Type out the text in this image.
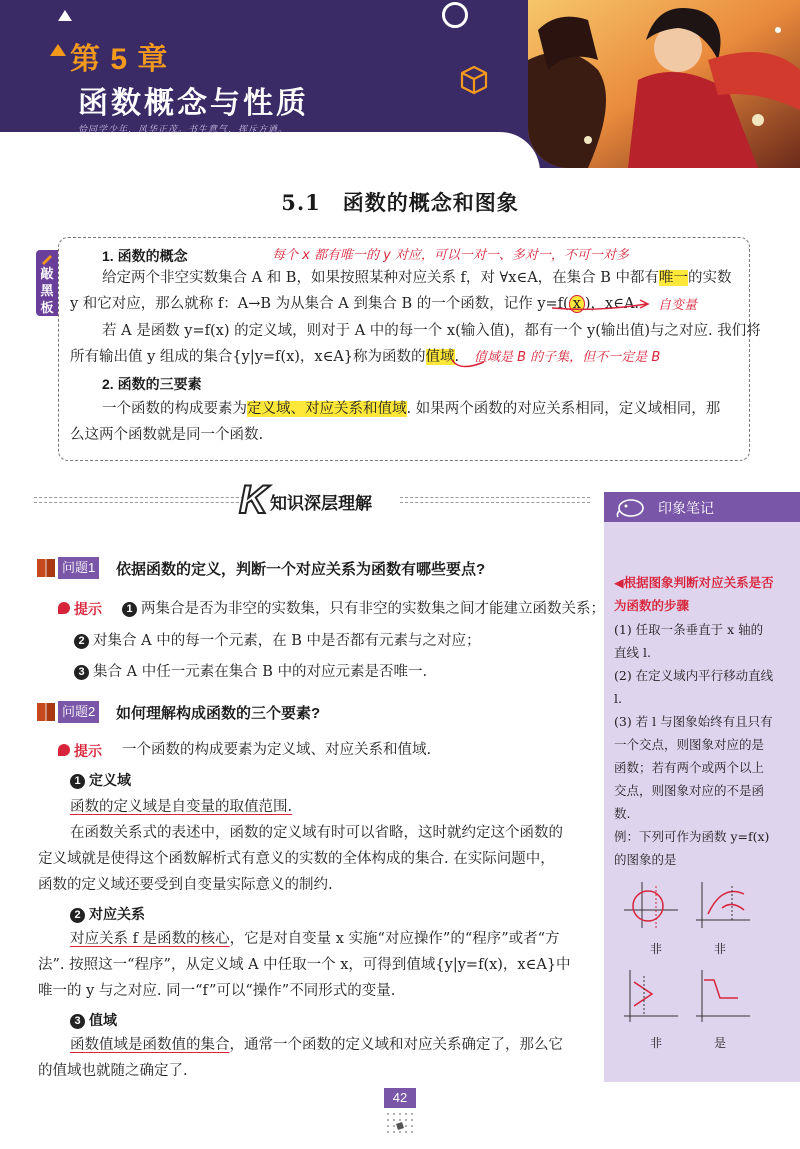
第 5 章
函数概念与性质
恰同学少年，风华正茂。书生意气，挥斥方遒。
5.1　函数的概念和图象
敲黑板
1. 函数的概念	每个 x 都有唯一的 y 对应，可以一对一、多对一，不可一对多
给定两个非空实数集合 A 和 B，如果按照某种对应关系 f，对 ∀x∈A，在集合 B 中都有唯一的实数
y 和它对应，那么就称 f：A→B 为从集合 A 到集合 B 的一个函数，记作 y=f( x )，x∈A.	自变量
若 A 是函数 y=f(x) 的定义域，则对于 A 中的每一个 x(输入值)，都有一个 y(输出值)与之对应. 我们将
所有输出值 y 组成的集合{y|y=f(x)，x∈A}称为函数的值域.	值域是 B 的子集，但不一定是 B
2. 函数的三要素
一个函数的构成要素为定义域、对应关系和值域. 如果两个函数的对应关系相同，定义域相同，那
么这两个函数就是同一个函数.
K 知识深层理解	印象笔记
◀根据图象判断对应关系是否为函数的步骤
(1) 任取一条垂直于 x 轴的直线 l.
(2) 在定义域内平行移动直线 l.
(3) 若 l 与图象始终有且只有一个交点，则图象对应的是函数；若有两个或两个以上交点，则图象对应的不是函数.
例：下列可作为函数 y=f(x) 的图象的是
非	非
非	是
问题1 依据函数的定义，判断一个对应关系为函数有哪些要点?
提示	1 两集合是否为非空的实数集，只有非空的实数集之间才能建立函数关系；
2 对集合 A 中的每一个元素，在 B 中是否都有元素与之对应；
3 集合 A 中任一元素在集合 B 中的对应元素是否唯一.
问题2 如何理解构成函数的三个要素?
提示 一个函数的构成要素为定义域、对应关系和值域.
1 定义域
函数的定义域是自变量的取值范围.
在函数关系式的表述中，函数的定义域有时可以省略，这时就约定这个函数的
定义域就是使得这个函数解析式有意义的实数的全体构成的集合. 在实际问题中，
函数的定义域还要受到自变量实际意义的制约.
2 对应关系
对应关系 f 是函数的核心，它是对自变量 x 实施“对应操作”的“程序”或者“方
法”. 按照这一“程序”，从定义域 A 中任取一个 x，可得到值域{y|y=f(x)，x∈A}中
唯一的 y 与之对应. 同一“f”可以“操作”不同形式的变量.
3 值域
函数值域是函数值的集合，通常一个函数的定义域和对应关系确定了，那么它
的值域也就随之确定了.
42
